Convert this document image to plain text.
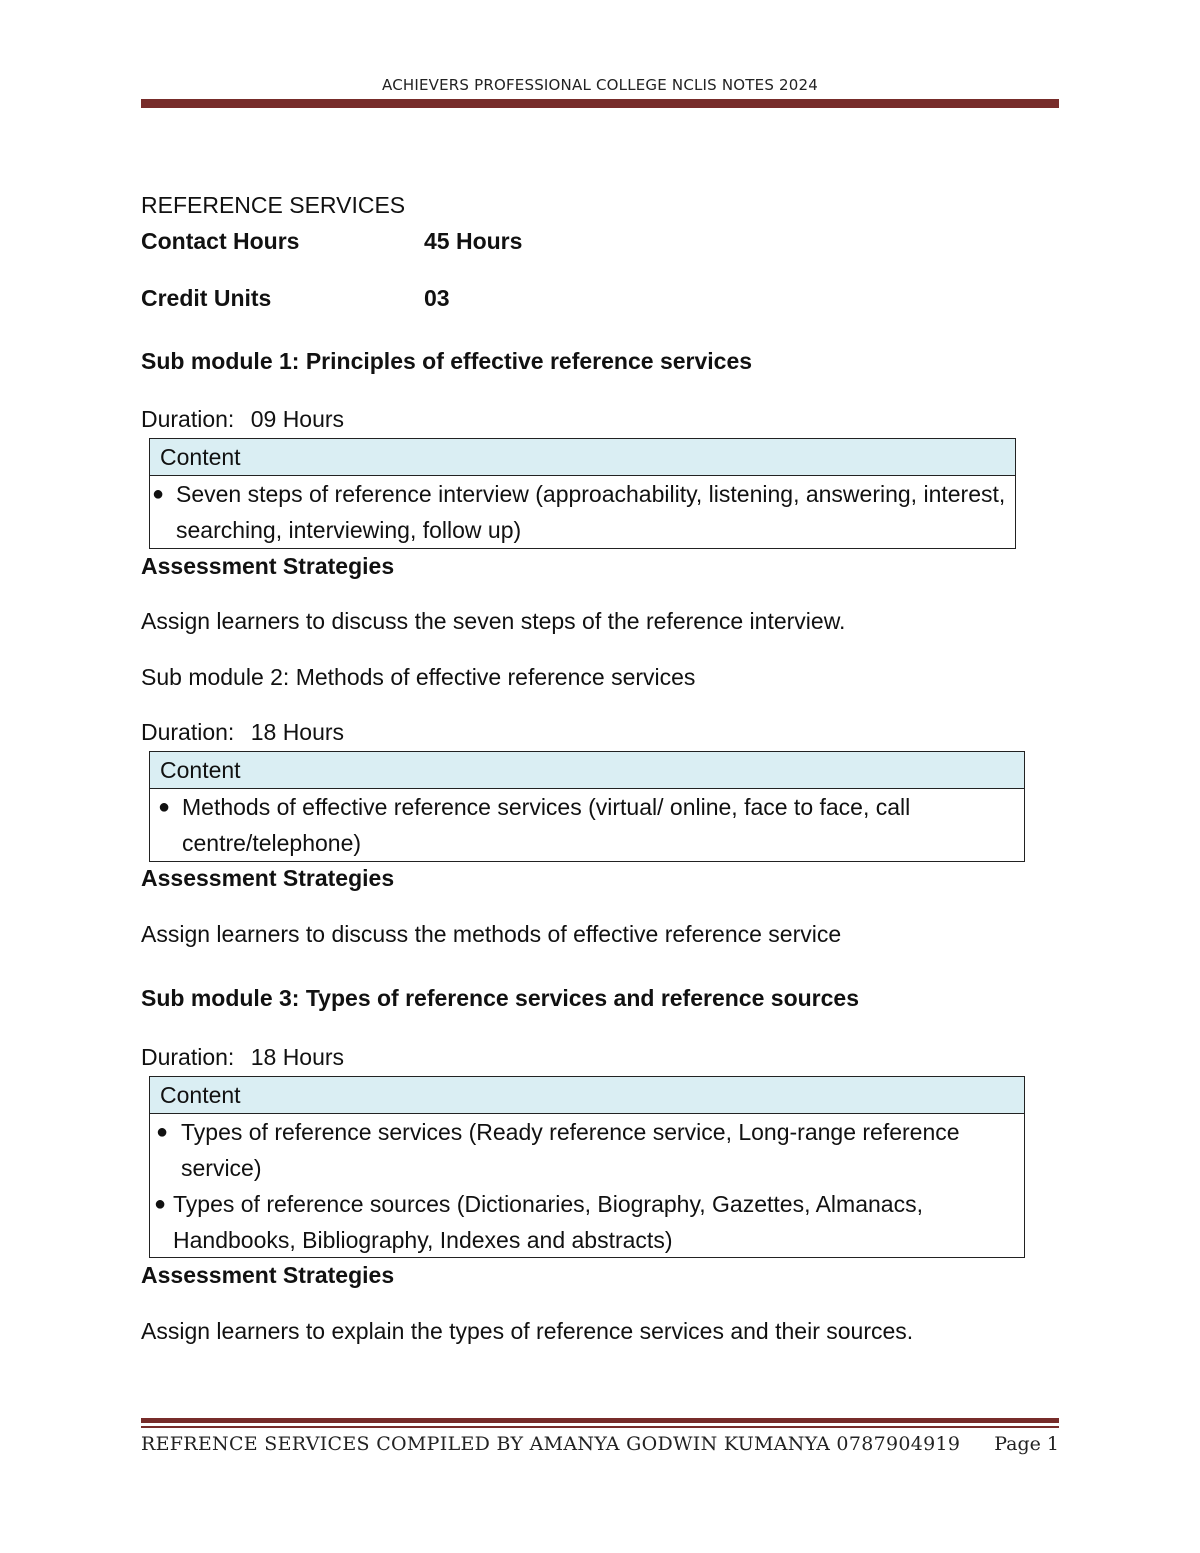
ACHIEVERS PROFESSIONAL COLLEGE NCLIS NOTES 2024
REFERENCE SERVICES
Contact Hours	45 Hours
Credit Units	03
Sub module 1: Principles of effective reference services
Duration: 09 Hours
Content
● Seven steps of reference interview (approachability, listening, answering, interest,
searching, interviewing, follow up)
Assessment Strategies
Assign learners to discuss the seven steps of the reference interview.
Sub module 2: Methods of effective reference services
Duration: 18 Hours
Content
● Methods of effective reference services (virtual/ online, face to face, call
centre/telephone)
Assessment Strategies
Assign learners to discuss the methods of effective reference service
Sub module 3: Types of reference services and reference sources
Duration: 18 Hours
Content
● Types of reference services (Ready reference service, Long-range reference
service)
● Types of reference sources (Dictionaries, Biography, Gazettes, Almanacs,
Handbooks, Bibliography, Indexes and abstracts)
Assessment Strategies
Assign learners to explain the types of reference services and their sources.
REFRENCE SERVICES COMPILED BY AMANYA GODWIN KUMANYA 0787904919 Page 1
